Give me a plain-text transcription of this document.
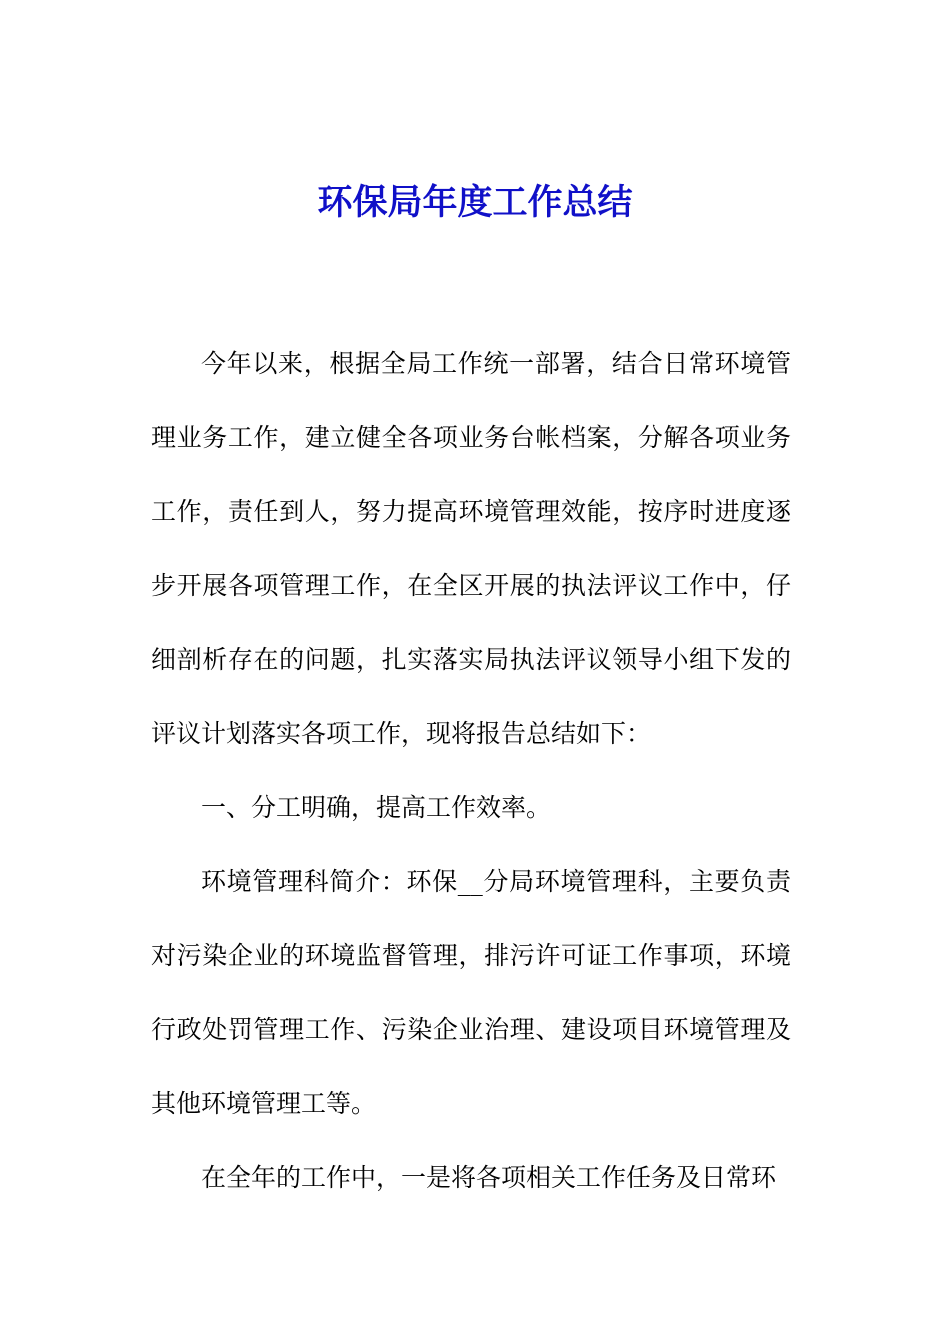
环保局年度工作总结

今年以来，根据全局工作统一部署，结合日常环境管理业务工作，建立健全各项业务台帐档案，分解各项业务工作，责任到人，努力提高环境管理效能，按序时进度逐步开展各项管理工作，在全区开展的执法评议工作中，仔细剖析存在的问题，扎实落实局执法评议领导小组下发的评议计划落实各项工作，现将报告总结如下：

一、分工明确，提高工作效率。

环境管理科简介：环保__分局环境管理科，主要负责对污染企业的环境监督管理，排污许可证工作事项，环境行政处罚管理工作、污染企业治理、建设项目环境管理及其他环境管理工等。

在全年的工作中，一是将各项相关工作任务及日常环
